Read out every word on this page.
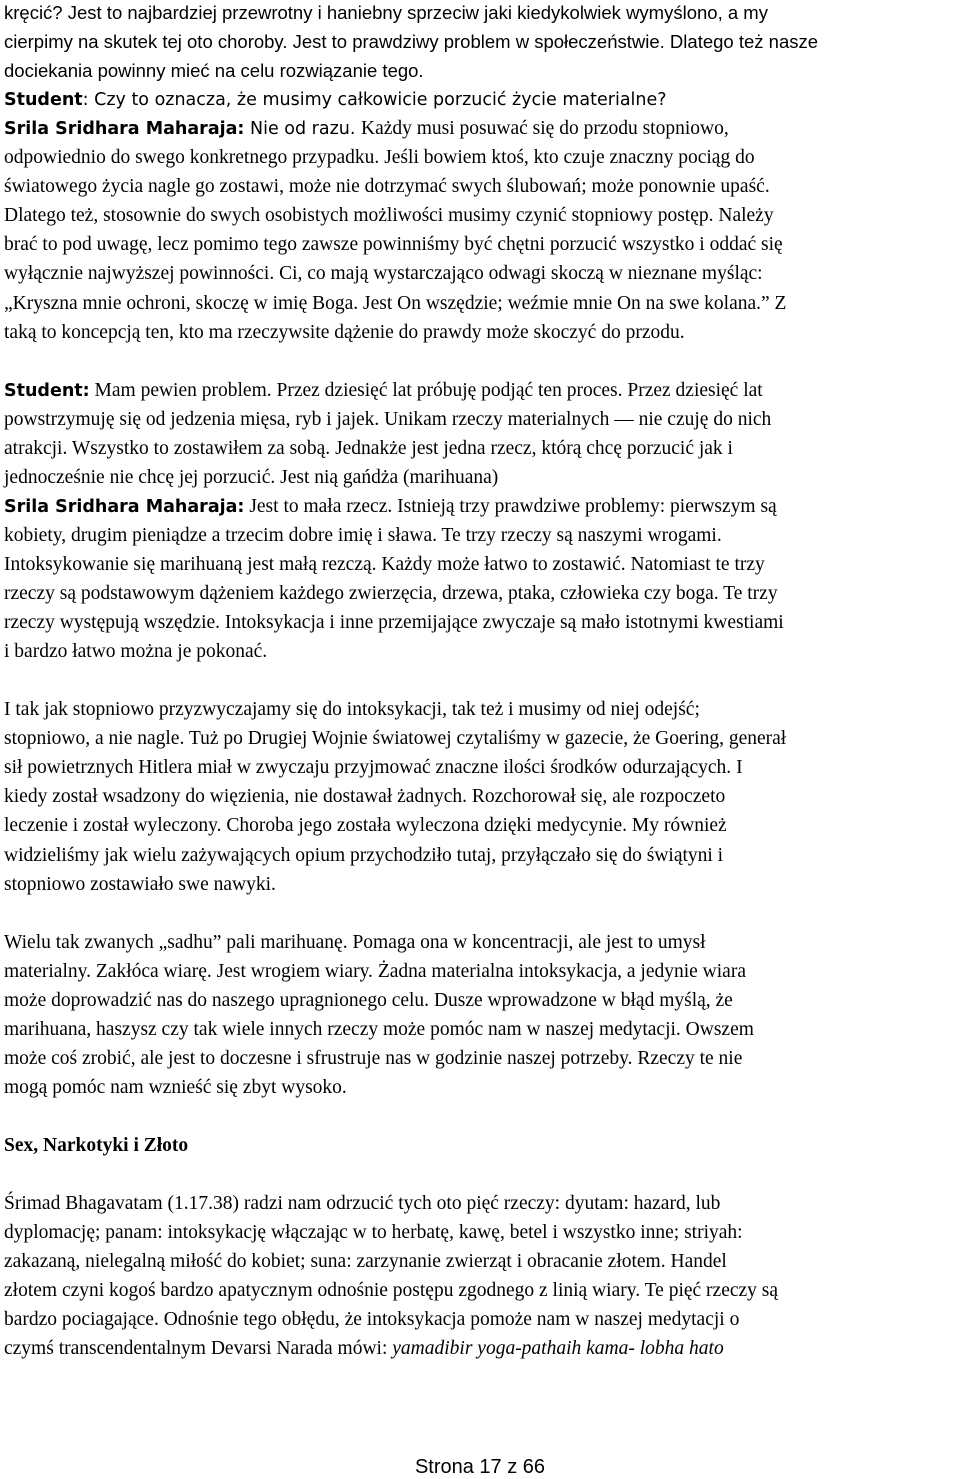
kręcić? Jest to najbardziej przewrotny i haniebny sprzeciw jaki kiedykolwiek wymyślono, a my
cierpimy na skutek tej oto choroby. Jest to prawdziwy problem w społeczeństwie. Dlatego też nasze
dociekania powinny mieć na celu rozwiązanie tego.
Student: Czy to oznacza, że musimy całkowicie porzucić życie materialne?
Srila Sridhara Maharaja: Nie od razu. Każdy musi posuwać się do przodu stopniowo,
odpowiednio do swego konkretnego przypadku. Jeśli bowiem ktoś, kto czuje znaczny pociąg do
światowego życia nagle go zostawi, może nie dotrzymać swych ślubowań; może ponownie upaść.
Dlatego też, stosownie do swych osobistych możliwości musimy czynić stopniowy postęp. Należy
brać to pod uwagę, lecz pomimo tego zawsze powinniśmy być chętni porzucić wszystko i oddać się
wyłącznie najwyższej powinności. Ci, co mają wystarczająco odwagi skoczą w nieznane myśląc:
„Kryszna mnie ochroni, skoczę w imię Boga. Jest On wszędzie; weźmie mnie On na swe kolana.” Z
taką to koncepcją ten, kto ma rzeczywsite dążenie do prawdy może skoczyć do przodu.
Student: Mam pewien problem. Przez dziesięć lat próbuję podjąć ten proces. Przez dziesięć lat
powstrzymuję się od jedzenia mięsa, ryb i jajek. Unikam rzeczy materialnych — nie czuję do nich
atrakcji. Wszystko to zostawiłem za sobą. Jednakże jest jedna rzecz, którą chcę porzucić jak i
jednocześnie nie chcę jej porzucić. Jest nią gańdża (marihuana)
Srila Sridhara Maharaja: Jest to mała rzecz. Istnieją trzy prawdziwe problemy: pierwszym są
kobiety, drugim pieniądze a trzecim dobre imię i sława. Te trzy rzeczy są naszymi wrogami.
Intoksykowanie się marihuaną jest małą rezczą. Każdy może łatwo to zostawić. Natomiast te trzy
rzeczy są podstawowym dążeniem każdego zwierzęcia, drzewa, ptaka, człowieka czy boga. Te trzy
rzeczy występują wszędzie. Intoksykacja i inne przemijające zwyczaje są mało istotnymi kwestiami
i bardzo łatwo można je pokonać.
I tak jak stopniowo przyzwyczajamy się do intoksykacji, tak też i musimy od niej odejść;
stopniowo, a nie nagle. Tuż po Drugiej Wojnie światowej czytaliśmy w gazecie, że Goering, generał
sił powietrznych Hitlera miał w zwyczaju przyjmować znaczne ilości środków odurzających. I
kiedy został wsadzony do więzienia, nie dostawał żadnych. Rozchorował się, ale rozpoczeto
leczenie i został wyleczony. Choroba jego została wyleczona dzięki medycynie. My również
widzieliśmy jak wielu zażywających opium przychodziło tutaj, przyłączało się do świątyni i
stopniowo zostawiało swe nawyki.
Wielu tak zwanych „sadhu” pali marihuanę. Pomaga ona w koncentracji, ale jest to umysł
materialny. Zakłóca wiarę. Jest wrogiem wiary. Żadna materialna intoksykacja, a jedynie wiara
może doprowadzić nas do naszego upragnionego celu. Dusze wprowadzone w błąd myślą, że
marihuana, haszysz czy tak wiele innych rzeczy może pomóc nam w naszej medytacji. Owszem
może coś zrobić, ale jest to doczesne i sfrustruje nas w godzinie naszej potrzeby. Rzeczy te nie
mogą pomóc nam wznieść się zbyt wysoko.
Sex, Narkotyki i Złoto
Śrimad Bhagavatam (1.17.38) radzi nam odrzucić tych oto pięć rzeczy: dyutam: hazard, lub
dyplomację; panam: intoksykację włączając w to herbatę, kawę, betel i wszystko inne; striyah:
zakazaną, nielegalną miłość do kobiet; suna: zarzynanie zwierząt i obracanie złotem. Handel
złotem czyni kogoś bardzo apatycznym odnośnie postępu zgodnego z linią wiary. Te pięć rzeczy są
bardzo pociagające. Odnośnie tego obłędu, że intoksykacja pomoże nam w naszej medytacji o
czymś transcendentalnym Devarsi Narada mówi: yamadibir yoga-pathaih kama- lobha hato
Strona 17 z 66
